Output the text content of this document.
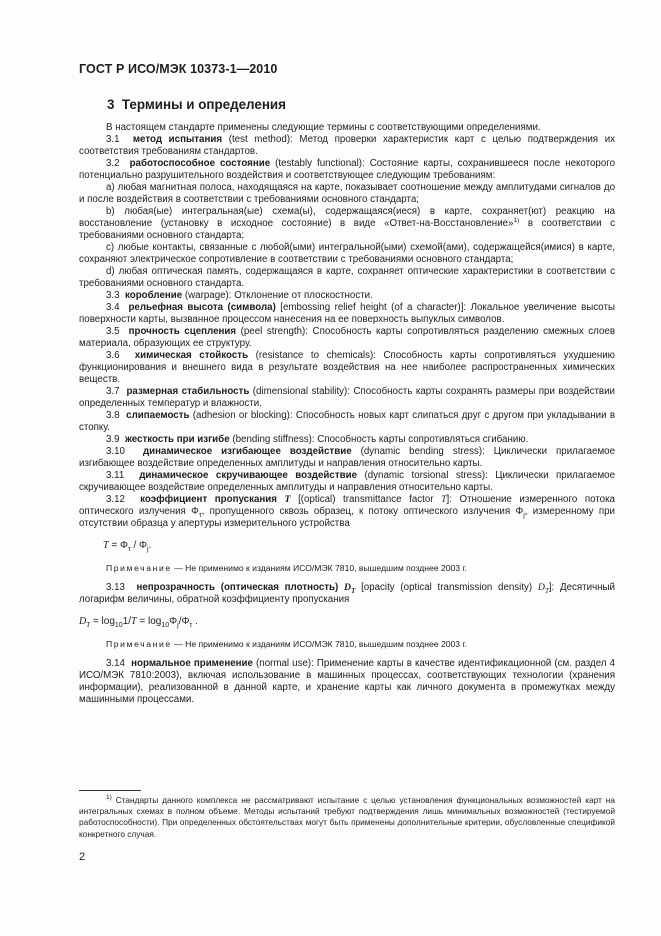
ГОСТ Р ИСО/МЭК 10373-1—2010
3 Термины и определения

В настоящем стандарте применены следующие термины с соответствующими определениями.

3.1 метод испытания (test method): Метод проверки характеристик карт с целью подтверждения их соответствия требованиям стандартов.

3.2 работоспособное состояние (testably functional): Состояние карты, сохранившееся после некоторого потенциально разрушительного воздействия и соответствующее следующим требованиям:

a) любая магнитная полоса, находящаяся на карте, показывает соотношение между амплитудами сигналов до и после воздействия в соответствии с требованиями основного стандарта;

b) любая(ые) интегральная(ые) схема(ы), содержащаяся(иеся) в карте, сохраняет(ют) реакцию на восстановление (установку в исходное состояние) в виде «Ответ-на-Восстановление»$^{1)}$ в соответствии с требованиями основного стандарта;

c) любые контакты, связанные с любой(ыми) интегральной(ыми) схемой(ами), содержащейся(имися) в карте, сохраняют электрическое сопротивление в соответствии с требованиями основного стандарта;

d) любая оптическая память, содержащаяся в карте, сохраняет оптические характеристики в соответствии с требованиями основного стандарта.

3.3 коробление (warpage): Отклонение от плоскостности.

3.4 рельефная высота (символа) [embossing relief height (of a character)]: Локальное увеличение высоты поверхности карты, вызванное процессом нанесения на ее поверхность выпуклых символов.

3.5 прочность сцепления (peel strength): Способность карты сопротивляться разделению смежных слоев материала, образующих ее структуру.

3.6 химическая стойкость (resistance to chemicals): Способность карты сопротивляться ухудшению функционирования и внешнего вида в результате воздействия на нее наиболее распространенных химических веществ.

3.7 размерная стабильность (dimensional stability): Способность карты сохранять размеры при воздействии определенных температур и влажности.

3.8 слипаемость (adhesion or blocking): Способность новых карт слипаться друг с другом при укладывании в стопку.

3.9 жесткость при изгибе (bending stiffness): Способность карты сопротивляться сгибанию.

3.10 динамическое изгибающее воздействие (dynamic bending stress): Циклически прилагаемое изгибающее воздействие определенных амплитуды и направления относительно карты.

3.11 динамическое скручивающее воздействие (dynamic torsional stress): Циклически прилагаемое скручивающее воздействие определенных амплитуды и направления относительно карты.

3.12 коэффициент пропускания T [(optical) transmittance factor T]: Отношение измеренного потока оптического излучения $\Phi_\tau$, пропущенного сквозь образец, к потоку оптического излучения $\Phi_j$, измеренному при отсутствии образца у апертуры измерительного устройства

$T = \Phi_\tau / \Phi_j$.

Примечание — Не применимо к изданиям ИСО/МЭК 7810, вышедшим позднее 2003 г.

3.13 непрозрачность (оптическая плотность) $D_T$ [opacity (optical transmission density) $D_T$]: Десятичный логарифм величины, обратной коэффициенту пропускания

$D_T = \log_{10}1/T = \log_{10}\Phi_j/\Phi_\tau$ .

Примечание — Не применимо к изданиям ИСО/МЭК 7810, вышедшим позднее 2003 г.

3.14 нормальное применение (normal use): Применение карты в качестве идентификационной (см. раздел 4 ИСО/МЭК 7810:2003), включая использование в машинных процессах, соответствующих технологии (хранения информации), реализованной в данной карте, и хранение карты как личного документа в промежутках между машинными процессами.

$^{1)}$ Стандарты данного комплекса не рассматривают испытание с целью установления функциональных возможностей карт на интегральных схемах в полном объеме. Методы испытаний требуют подтверждения лишь минимальных возможностей (тестируемой работоспособности). При определенных обстоятельствах могут быть применены дополнительные критерии, обусловленные спецификой конкретного случая.
2
